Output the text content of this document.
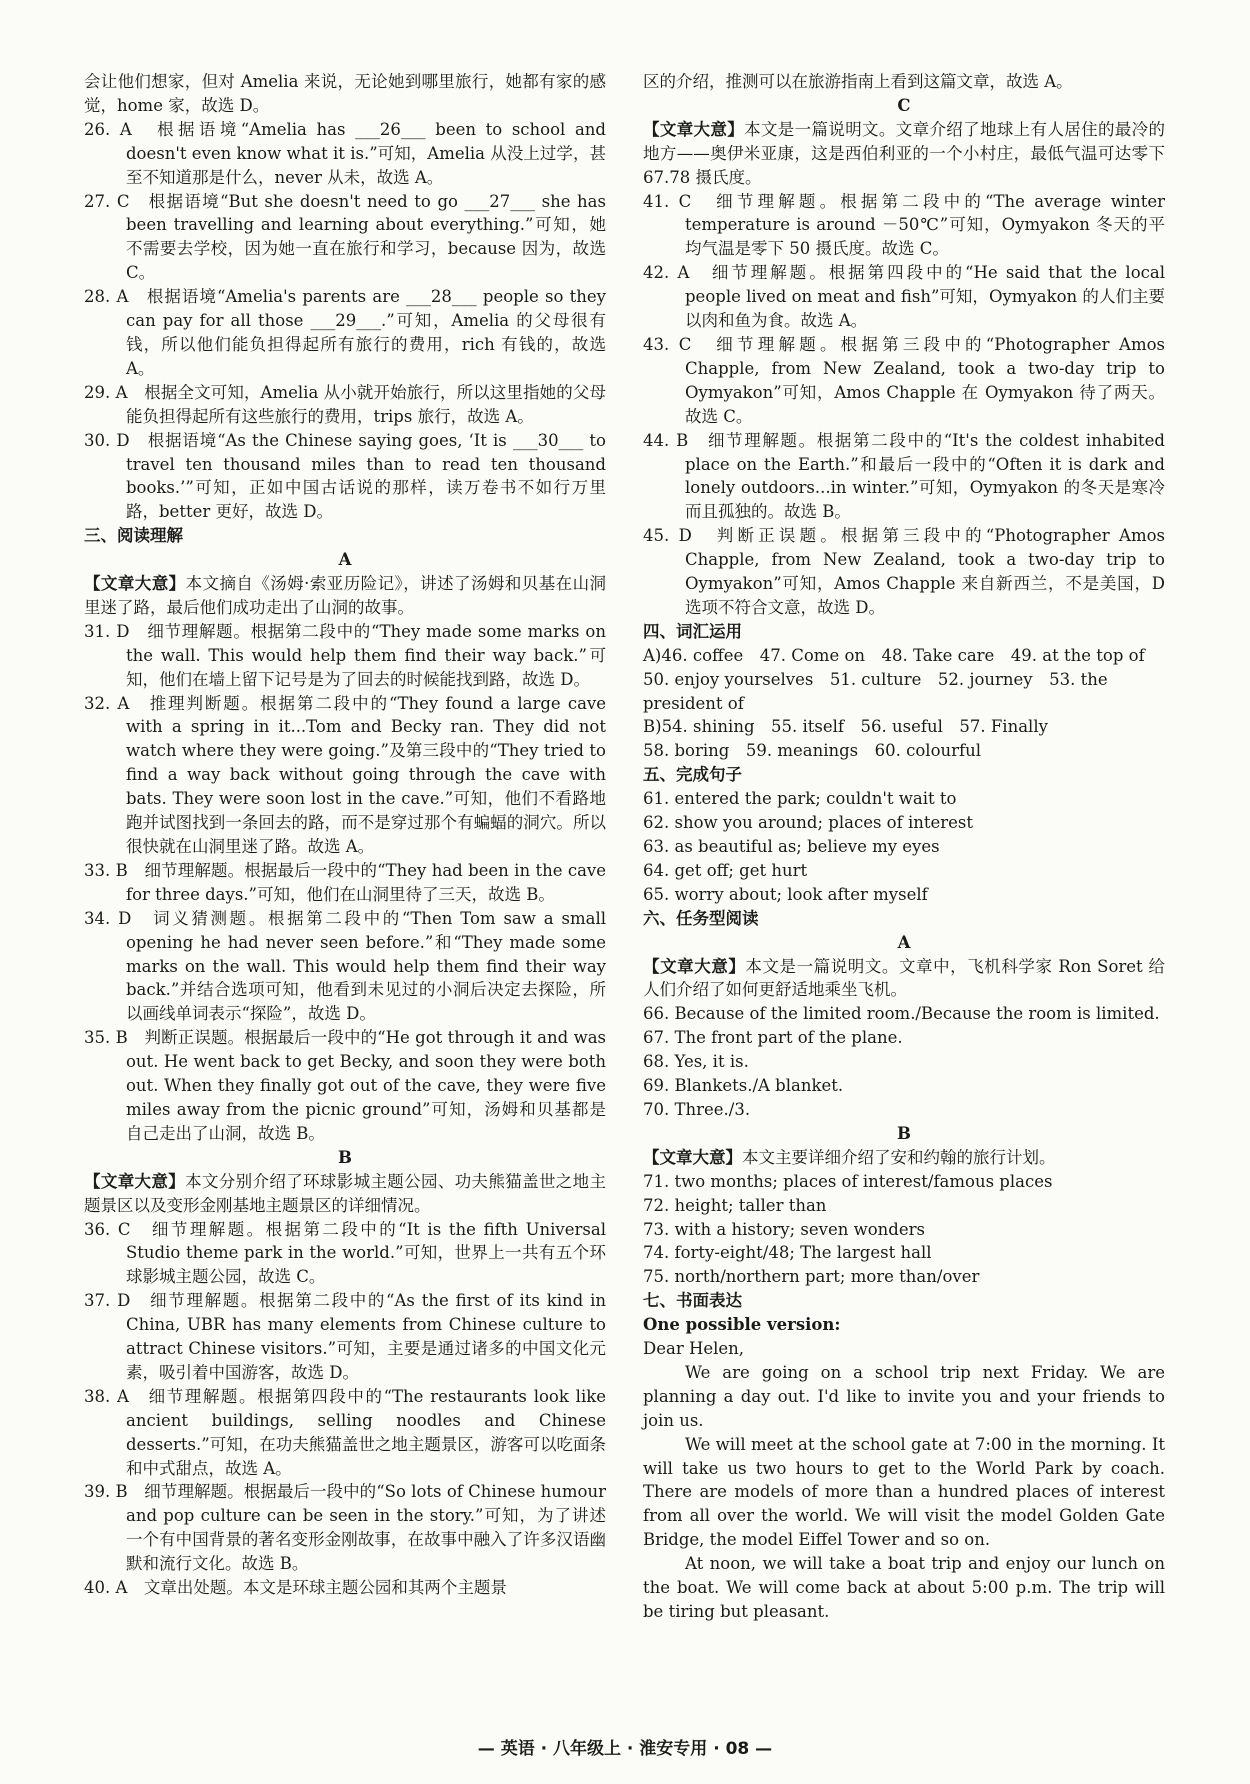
会让他们想家，但对 Amelia 来说，无论她到哪里旅行，她都有家的感觉，home 家，故选 D。
26. A　根据语境“Amelia has ___26___ been to school and doesn't even know what it is.”可知，Amelia 从没上过学，甚至不知道那是什么，never 从未，故选 A。
27. C　根据语境“But she doesn't need to go ___27___ she has been travelling and learning about everything.”可知，她不需要去学校，因为她一直在旅行和学习，because 因为，故选 C。
28. A　根据语境“Amelia's parents are ___28___ people so they can pay for all those ___29___.”可知，Amelia 的父母很有钱，所以他们能负担得起所有旅行的费用，rich 有钱的，故选 A。
29. A　根据全文可知，Amelia 从小就开始旅行，所以这里指她的父母能负担得起所有这些旅行的费用，trips 旅行，故选 A。
30. D　根据语境“As the Chinese saying goes, ‘It is ___30___ to travel ten thousand miles than to read ten thousand books.’”可知，正如中国古话说的那样，读万卷书不如行万里路，better 更好，故选 D。
三、阅读理解
A
【文章大意】本文摘自《汤姆·索亚历险记》，讲述了汤姆和贝基在山洞里迷了路，最后他们成功走出了山洞的故事。
31. D　细节理解题。根据第二段中的“They made some marks on the wall. This would help them find their way back.”可知，他们在墙上留下记号是为了回去的时候能找到路，故选 D。
32. A　推理判断题。根据第二段中的“They found a large cave with a spring in it...Tom and Becky ran. They did not watch where they were going.”及第三段中的“They tried to find a way back without going through the cave with bats. They were soon lost in the cave.”可知，他们不看路地跑并试图找到一条回去的路，而不是穿过那个有蝙蝠的洞穴。所以很快就在山洞里迷了路。故选 A。
33. B　细节理解题。根据最后一段中的“They had been in the cave for three days.”可知，他们在山洞里待了三天，故选 B。
34. D　词义猜测题。根据第二段中的“Then Tom saw a small opening he had never seen before.”和“They made some marks on the wall. This would help them find their way back.”并结合选项可知，他看到未见过的小洞后决定去探险，所以画线单词表示“探险”，故选 D。
35. B　判断正误题。根据最后一段中的“He got through it and was out. He went back to get Becky, and soon they were both out. When they finally got out of the cave, they were five miles away from the picnic ground”可知，汤姆和贝基都是自己走出了山洞，故选 B。
B
【文章大意】本文分别介绍了环球影城主题公园、功夫熊猫盖世之地主题景区以及变形金刚基地主题景区的详细情况。
36. C　细节理解题。根据第二段中的“It is the fifth Universal Studio theme park in the world.”可知，世界上一共有五个环球影城主题公园，故选 C。
37. D　细节理解题。根据第二段中的“As the first of its kind in China, UBR has many elements from Chinese culture to attract Chinese visitors.”可知，主要是通过诸多的中国文化元素，吸引着中国游客，故选 D。
38. A　细节理解题。根据第四段中的“The restaurants look like ancient buildings, selling noodles and Chinese desserts.”可知，在功夫熊猫盖世之地主题景区，游客可以吃面条和中式甜点，故选 A。
39. B　细节理解题。根据最后一段中的“So lots of Chinese humour and pop culture can be seen in the story.”可知，为了讲述一个有中国背景的著名变形金刚故事，在故事中融入了许多汉语幽默和流行文化。故选 B。
40. A　文章出处题。本文是环球主题公园和其两个主题景
区的介绍，推测可以在旅游指南上看到这篇文章，故选 A。
C
【文章大意】本文是一篇说明文。文章介绍了地球上有人居住的最冷的地方——奥伊米亚康，这是西伯利亚的一个小村庄，最低气温可达零下 67.78 摄氏度。
41. C　细节理解题。根据第二段中的“The average winter temperature is around －50℃”可知，Oymyakon 冬天的平均气温是零下 50 摄氏度。故选 C。
42. A　细节理解题。根据第四段中的“He said that the local people lived on meat and fish”可知，Oymyakon 的人们主要以肉和鱼为食。故选 A。
43. C　细节理解题。根据第三段中的“Photographer Amos Chapple, from New Zealand, took a two-day trip to Oymyakon”可知，Amos Chapple 在 Oymyakon 待了两天。故选 C。
44. B　细节理解题。根据第二段中的“It's the coldest inhabited place on the Earth.”和最后一段中的“Often it is dark and lonely outdoors...in winter.”可知，Oymyakon 的冬天是寒冷而且孤独的。故选 B。
45. D　判断正误题。根据第三段中的“Photographer Amos Chapple, from New Zealand, took a two-day trip to Oymyakon”可知，Amos Chapple 来自新西兰，不是美国，D 选项不符合文意，故选 D。
四、词汇运用
A)46. coffee　47. Come on　48. Take care　49. at the top of
50. enjoy yourselves　51. culture　52. journey　53. the
president of
B)54. shining　55. itself　56. useful　57. Finally
58. boring　59. meanings　60. colourful
五、完成句子
61. entered the park; couldn't wait to
62. show you around; places of interest
63. as beautiful as; believe my eyes
64. get off; get hurt
65. worry about; look after myself
六、任务型阅读
A
【文章大意】本文是一篇说明文。文章中，飞机科学家 Ron Soret 给人们介绍了如何更舒适地乘坐飞机。
66. Because of the limited room./Because the room is limited.
67. The front part of the plane.
68. Yes, it is.
69. Blankets./A blanket.
70. Three./3.
B
【文章大意】本文主要详细介绍了安和约翰的旅行计划。
71. two months; places of interest/famous places
72. height; taller than
73. with a history; seven wonders
74. forty-eight/48; The largest hall
75. north/northern part; more than/over
七、书面表达
One possible version:
Dear Helen,
We are going on a school trip next Friday. We are planning a day out. I'd like to invite you and your friends to join us.
We will meet at the school gate at 7:00 in the morning. It will take us two hours to get to the World Park by coach. There are models of more than a hundred places of interest from all over the world. We will visit the model Golden Gate Bridge, the model Eiffel Tower and so on.
At noon, we will take a boat trip and enjoy our lunch on the boat. We will come back at about 5:00 p.m. The trip will be tiring but pleasant.
— 英语 · 八年级上 · 淮安专用 · 08 —
